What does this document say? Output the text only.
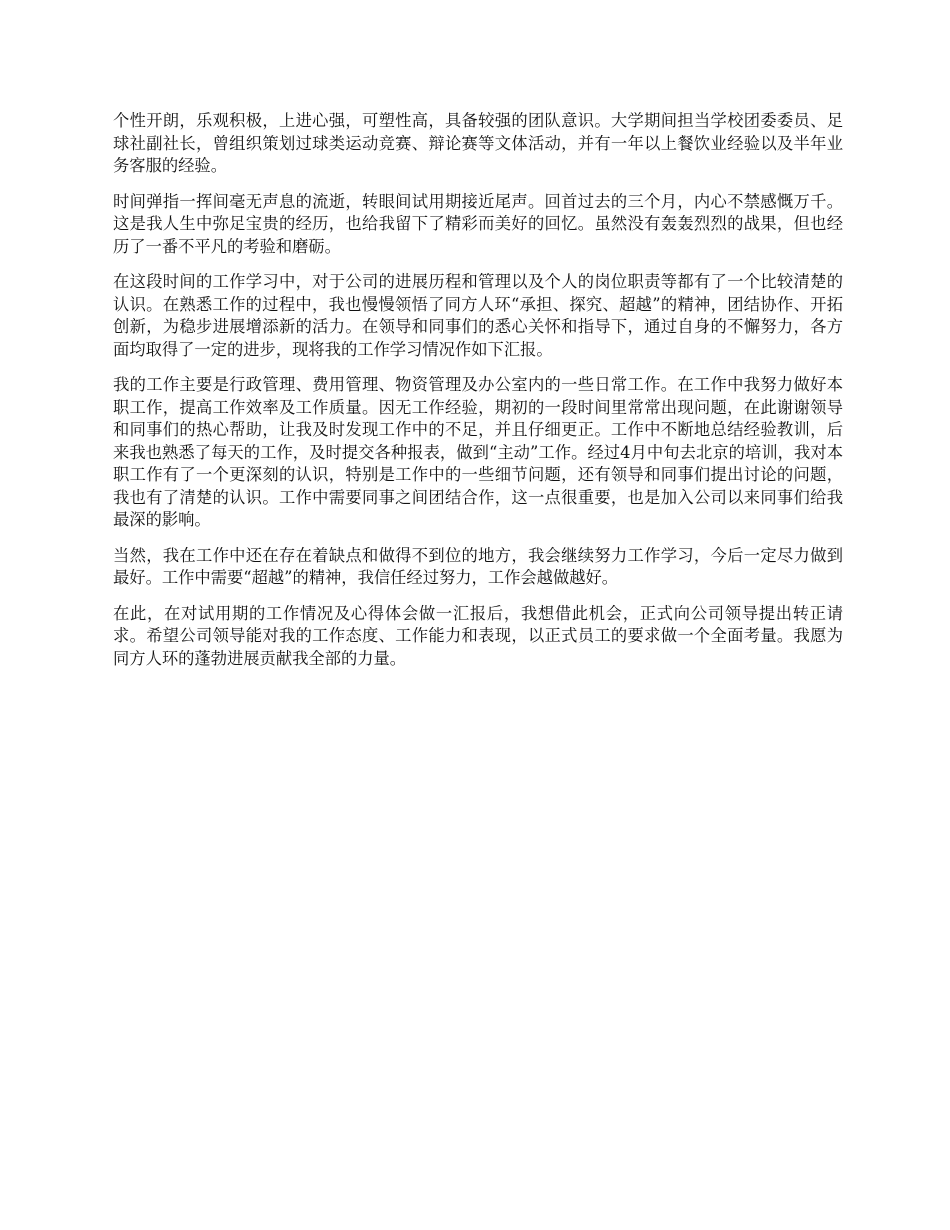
个性开朗，乐观积极，上进心强，可塑性高，具备较强的团队意识。大学期间担当学校团委委员、足球社副社长，曾组织策划过球类运动竞赛、辩论赛等文体活动，并有一年以上餐饮业经验以及半年业务客服的经验。

时间弹指一挥间毫无声息的流逝，转眼间试用期接近尾声。回首过去的三个月，内心不禁感慨万千。这是我人生中弥足宝贵的经历，也给我留下了精彩而美好的回忆。虽然没有轰轰烈烈的战果，但也经历了一番不平凡的考验和磨砺。

在这段时间的工作学习中，对于公司的进展历程和管理以及个人的岗位职责等都有了一个比较清楚的认识。在熟悉工作的过程中，我也慢慢领悟了同方人环“承担、探究、超越”的精神，团结协作、开拓创新，为稳步进展增添新的活力。在领导和同事们的悉心关怀和指导下，通过自身的不懈努力，各方面均取得了一定的进步，现将我的工作学习情况作如下汇报。

我的工作主要是行政管理、费用管理、物资管理及办公室内的一些日常工作。在工作中我努力做好本职工作，提高工作效率及工作质量。因无工作经验，期初的一段时间里常常出现问题，在此谢谢领导和同事们的热心帮助，让我及时发现工作中的不足，并且仔细更正。工作中不断地总结经验教训，后来我也熟悉了每天的工作，及时提交各种报表，做到“主动”工作。经过4月中旬去北京的培训，我对本职工作有了一个更深刻的认识，特别是工作中的一些细节问题，还有领导和同事们提出讨论的问题，我也有了清楚的认识。工作中需要同事之间团结合作，这一点很重要，也是加入公司以来同事们给我最深的影响。

当然，我在工作中还在存在着缺点和做得不到位的地方，我会继续努力工作学习，今后一定尽力做到最好。工作中需要“超越”的精神，我信任经过努力，工作会越做越好。

在此，在对试用期的工作情况及心得体会做一汇报后，我想借此机会，正式向公司领导提出转正请求。希望公司领导能对我的工作态度、工作能力和表现，以正式员工的要求做一个全面考量。我愿为同方人环的蓬勃进展贡献我全部的力量。
